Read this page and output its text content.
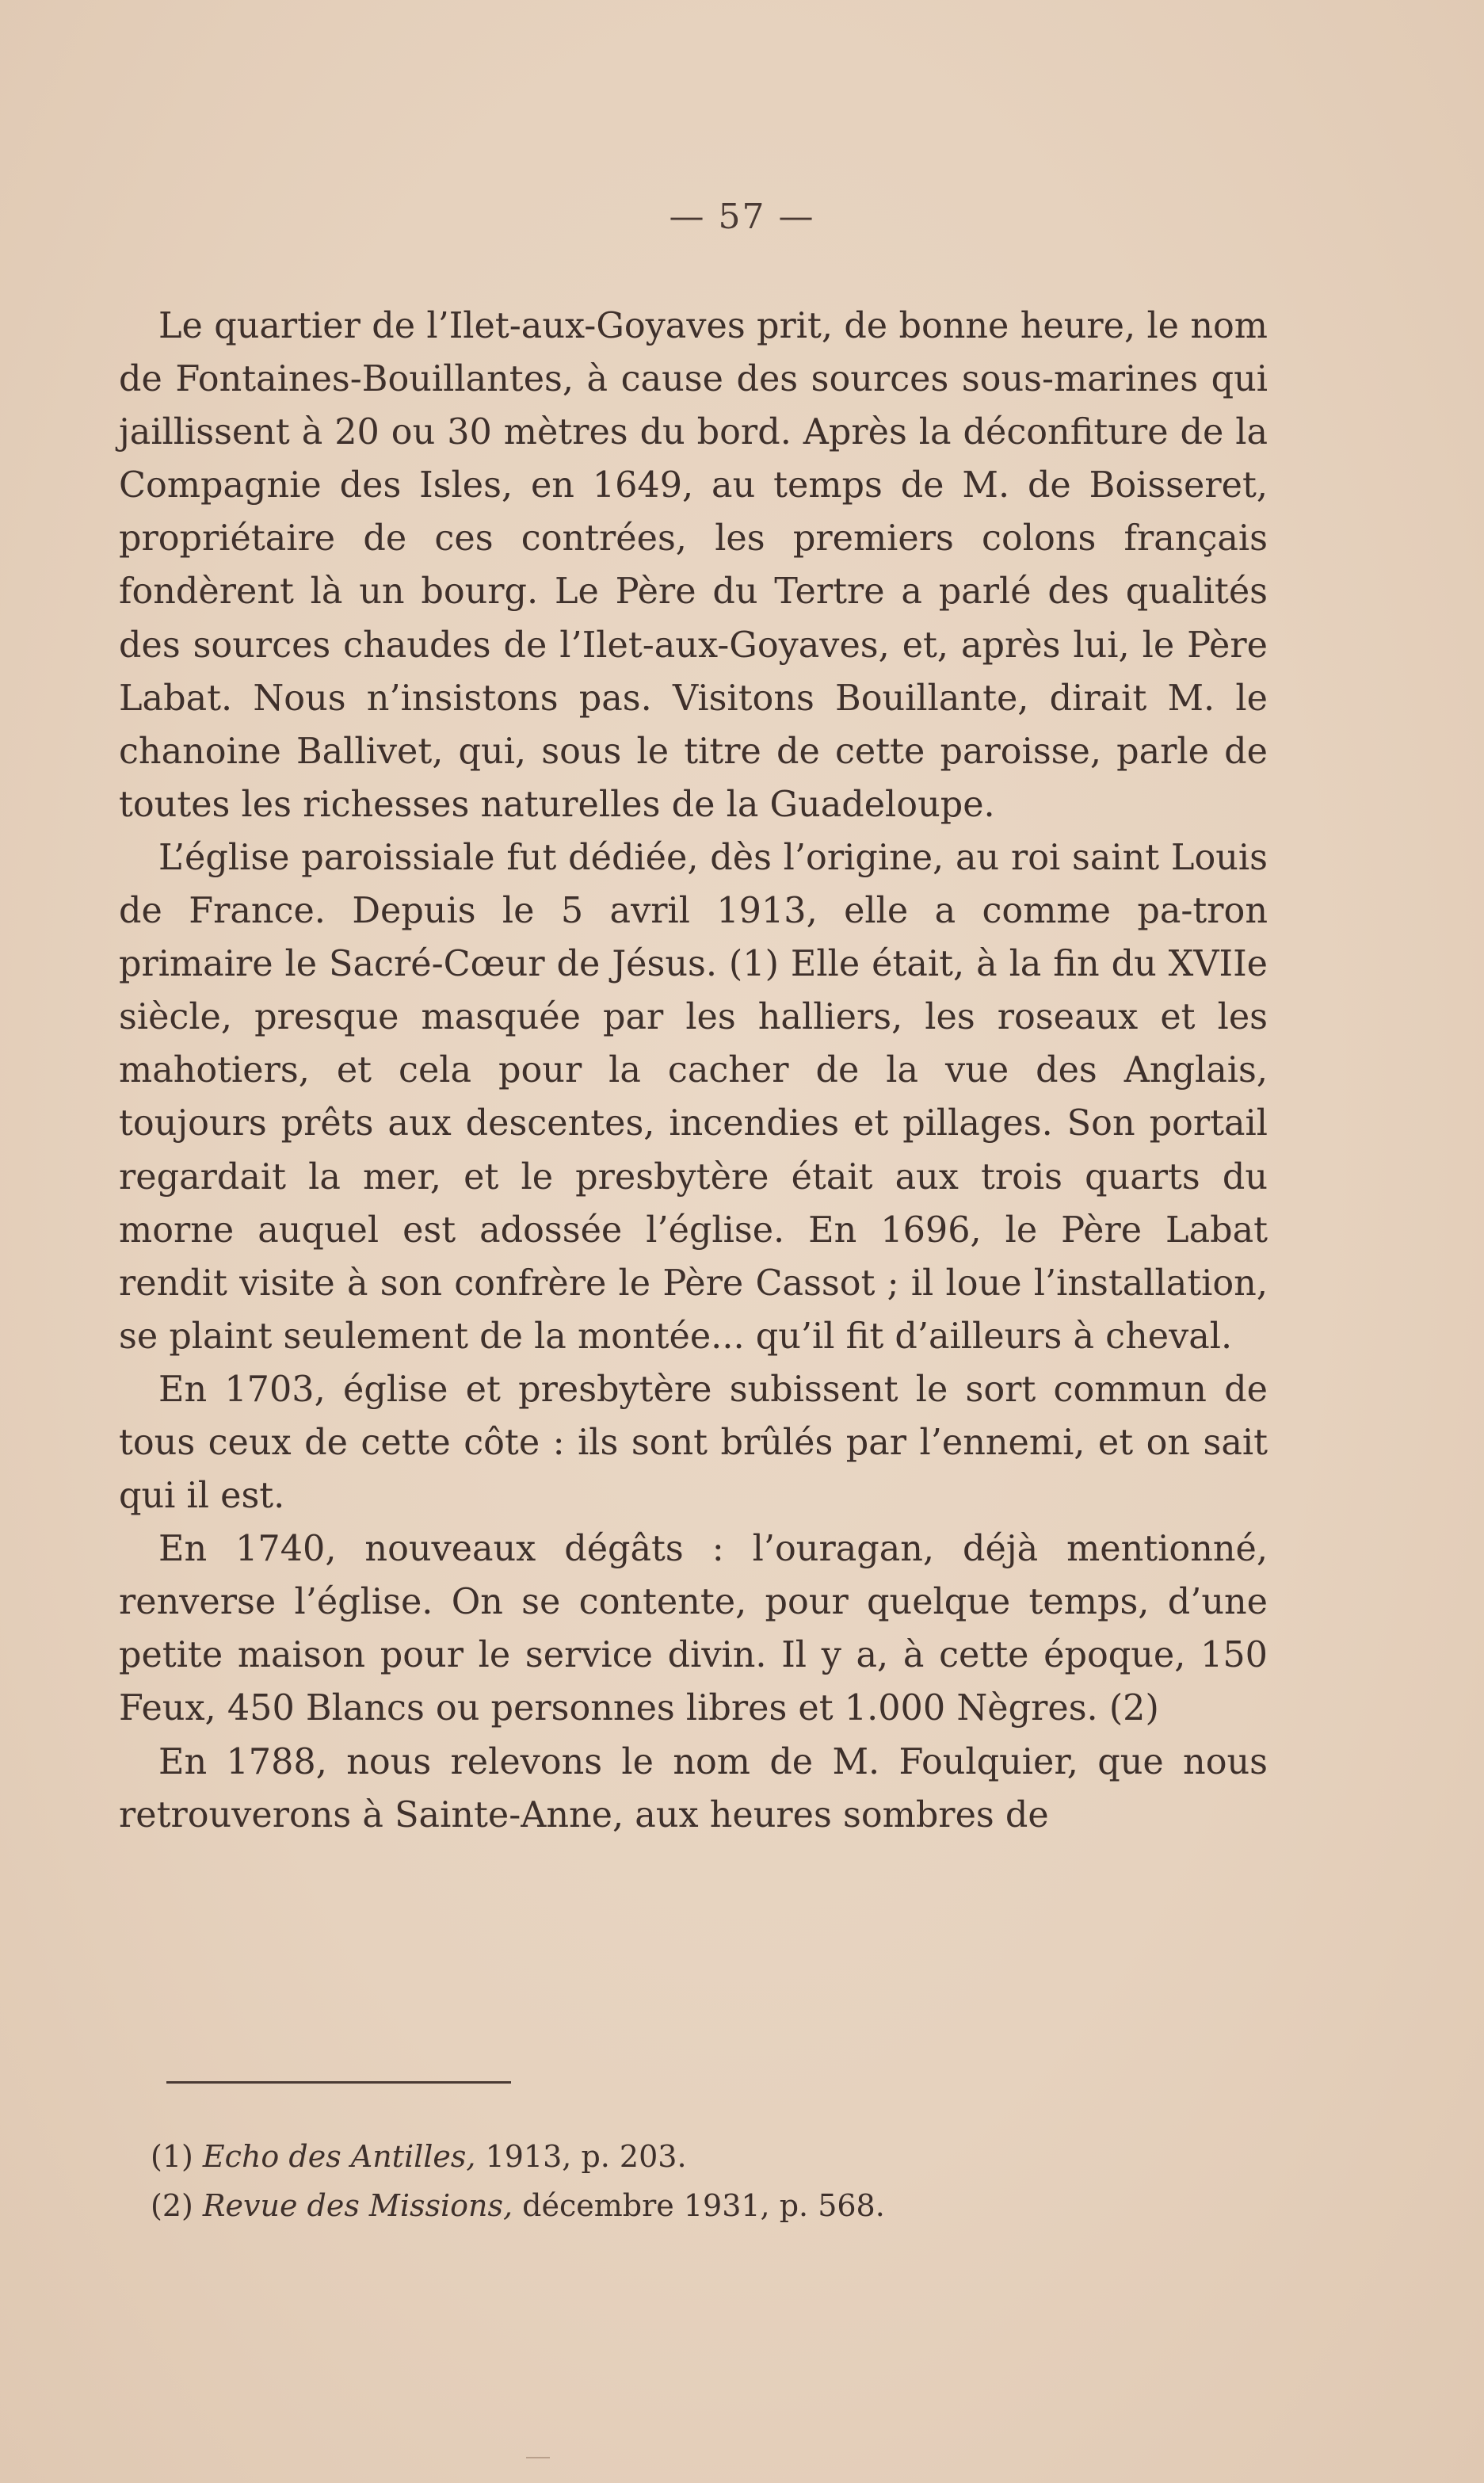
— 57 —

Le quartier de l’Ilet-aux-Goyaves prit, de bonne heure, le nom de Fontaines-Bouillantes, à cause des sources sous-marines qui jaillissent à 20 ou 30 mètres du bord. Après la déconfiture de la Compagnie des Isles, en 1649, au temps de M. de Boisseret, propriétaire de ces contrées, les premiers colons français fondèrent là un bourg. Le Père du Tertre a parlé des qualités des sources chaudes de l’Ilet-aux-Goyaves, et, après lui, le Père Labat. Nous n’insistons pas. Visitons Bouillante, dirait M. le chanoine Ballivet, qui, sous le titre de cette paroisse, parle de toutes les richesses naturelles de la Guadeloupe.

L’église paroissiale fut dédiée, dès l’origine, au roi saint Louis de France. Depuis le 5 avril 1913, elle a comme pa-tron primaire le Sacré-Cœur de Jésus. (1) Elle était, à la fin du XVIIe siècle, presque masquée par les halliers, les roseaux et les mahotiers, et cela pour la cacher de la vue des Anglais, toujours prêts aux descentes, incendies et pillages. Son portail regardait la mer, et le presbytère était aux trois quarts du morne auquel est adossée l’église. En 1696, le Père Labat rendit visite à son confrère le Père Cassot ; il loue l’installation, se plaint seulement de la montée... qu’il fit d’ailleurs à cheval.

En 1703, église et presbytère subissent le sort commun de tous ceux de cette côte : ils sont brûlés par l’ennemi, et on sait qui il est.

En 1740, nouveaux dégâts : l’ouragan, déjà mentionné, renverse l’église. On se contente, pour quelque temps, d’une petite maison pour le service divin. Il y a, à cette époque, 150 Feux, 450 Blancs ou personnes libres et 1.000 Nègres. (2)

En 1788, nous relevons le nom de M. Foulquier, que nous retrouverons à Sainte-Anne, aux heures sombres de

(1) Echo des Antilles, 1913, p. 203.
(2) Revue des Missions, décembre 1931, p. 568.
